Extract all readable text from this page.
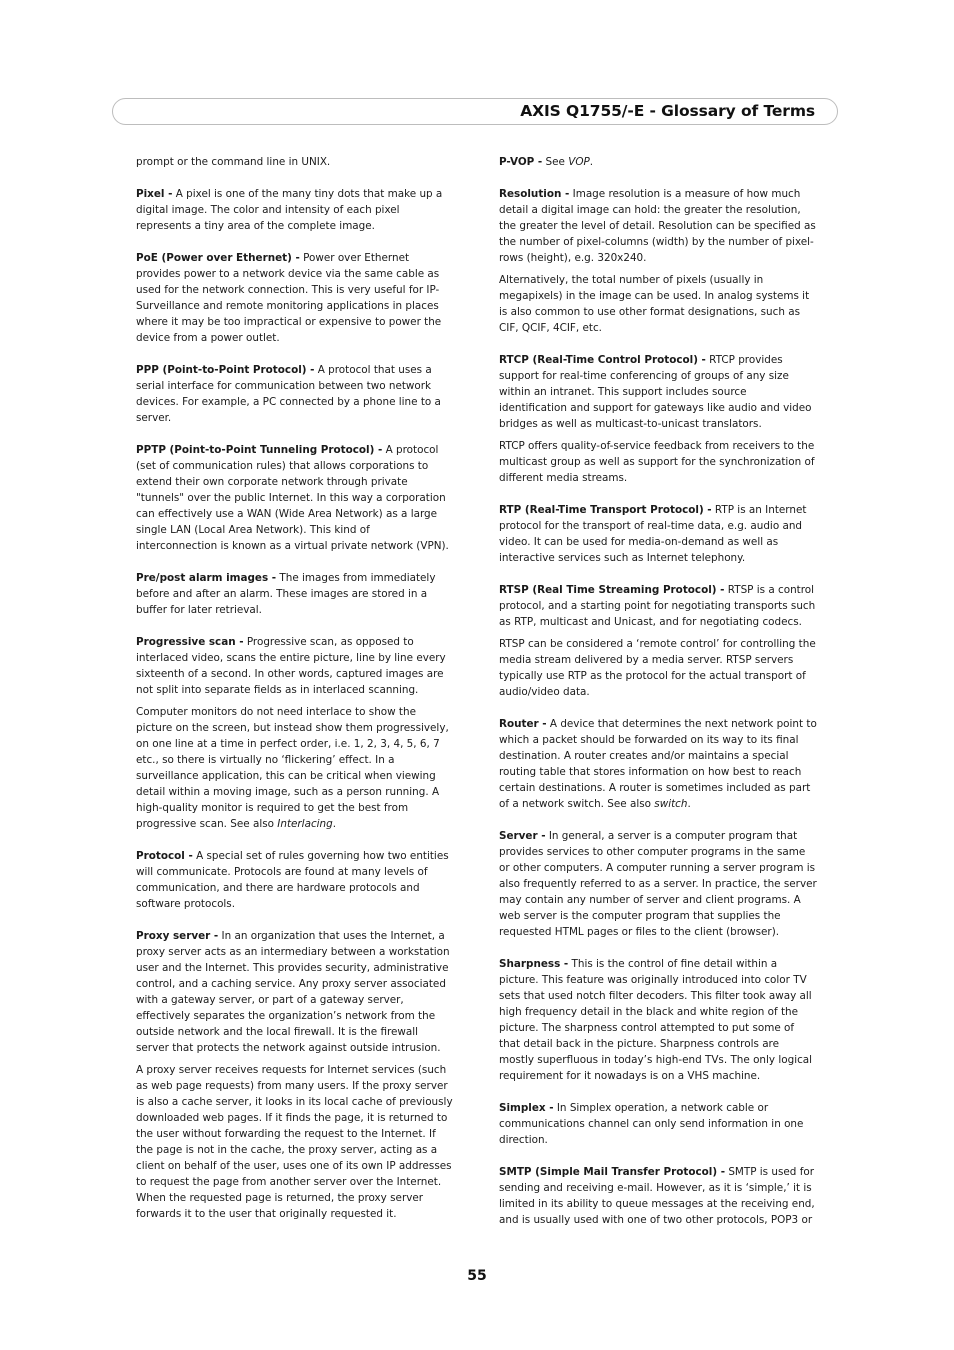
AXIS Q1755/-E - Glossary of Terms
prompt or the command line in UNIX.
Pixel - A pixel is one of the many tiny dots that make up a digital image. The color and intensity of each pixel represents a tiny area of the complete image.
PoE (Power over Ethernet) - Power over Ethernet provides power to a network device via the same cable as used for the network connection. This is very useful for IP-Surveillance and remote monitoring applications in places where it may be too impractical or expensive to power the device from a power outlet.
PPP (Point-to-Point Protocol) - A protocol that uses a serial interface for communication between two network devices. For example, a PC connected by a phone line to a server.
PPTP (Point-to-Point Tunneling Protocol) - A protocol (set of communication rules) that allows corporations to extend their own corporate network through private "tunnels" over the public Internet. In this way a corporation can effectively use a WAN (Wide Area Network) as a large single LAN (Local Area Network). This kind of interconnection is known as a virtual private network (VPN).
Pre/post alarm images - The images from immediately before and after an alarm. These images are stored in a buffer for later retrieval.
Progressive scan - Progressive scan, as opposed to interlaced video, scans the entire picture, line by line every sixteenth of a second. In other words, captured images are not split into separate fields as in interlaced scanning.
Computer monitors do not need interlace to show the picture on the screen, but instead show them progressively, on one line at a time in perfect order, i.e. 1, 2, 3, 4, 5, 6, 7 etc., so there is virtually no ‘flickering’ effect. In a surveillance application, this can be critical when viewing detail within a moving image, such as a person running. A high-quality monitor is required to get the best from progressive scan. See also Interlacing.
Protocol - A special set of rules governing how two entities will communicate. Protocols are found at many levels of communication, and there are hardware protocols and software protocols.
Proxy server - In an organization that uses the Internet, a proxy server acts as an intermediary between a workstation user and the Internet. This provides security, administrative control, and a caching service. Any proxy server associated with a gateway server, or part of a gateway server, effectively separates the organization’s network from the outside network and the local firewall. It is the firewall server that protects the network against outside intrusion.
A proxy server receives requests for Internet services (such as web page requests) from many users. If the proxy server is also a cache server, it looks in its local cache of previously downloaded web pages. If it finds the page, it is returned to the user without forwarding the request to the Internet. If the page is not in the cache, the proxy server, acting as a client on behalf of the user, uses one of its own IP addresses to request the page from another server over the Internet. When the requested page is returned, the proxy server forwards it to the user that originally requested it.
P-VOP - See VOP.
Resolution - Image resolution is a measure of how much detail a digital image can hold: the greater the resolution, the greater the level of detail. Resolution can be specified as the number of pixel-columns (width) by the number of pixel-rows (height), e.g. 320x240.
Alternatively, the total number of pixels (usually in megapixels) in the image can be used. In analog systems it is also common to use other format designations, such as CIF, QCIF, 4CIF, etc.
RTCP (Real-Time Control Protocol) - RTCP provides support for real-time conferencing of groups of any size within an intranet. This support includes source identification and support for gateways like audio and video bridges as well as multicast-to-unicast translators.
RTCP offers quality-of-service feedback from receivers to the multicast group as well as support for the synchronization of different media streams.
RTP (Real-Time Transport Protocol) - RTP is an Internet protocol for the transport of real-time data, e.g. audio and video. It can be used for media-on-demand as well as interactive services such as Internet telephony.
RTSP (Real Time Streaming Protocol) - RTSP is a control protocol, and a starting point for negotiating transports such as RTP, multicast and Unicast, and for negotiating codecs.
RTSP can be considered a ‘remote control’ for controlling the media stream delivered by a media server. RTSP servers typically use RTP as the protocol for the actual transport of audio/video data.
Router - A device that determines the next network point to which a packet should be forwarded on its way to its final destination. A router creates and/or maintains a special routing table that stores information on how best to reach certain destinations. A router is sometimes included as part of a network switch. See also switch.
Server - In general, a server is a computer program that provides services to other computer programs in the same or other computers. A computer running a server program is also frequently referred to as a server. In practice, the server may contain any number of server and client programs. A web server is the computer program that supplies the requested HTML pages or files to the client (browser).
Sharpness - This is the control of fine detail within a picture. This feature was originally introduced into color TV sets that used notch filter decoders. This filter took away all high frequency detail in the black and white region of the picture. The sharpness control attempted to put some of that detail back in the picture. Sharpness controls are mostly superfluous in today’s high-end TVs. The only logical requirement for it nowadays is on a VHS machine.
Simplex - In Simplex operation, a network cable or communications channel can only send information in one direction.
SMTP (Simple Mail Transfer Protocol) - SMTP is used for sending and receiving e-mail. However, as it is ‘simple,’ it is limited in its ability to queue messages at the receiving end, and is usually used with one of two other protocols, POP3 or
55
